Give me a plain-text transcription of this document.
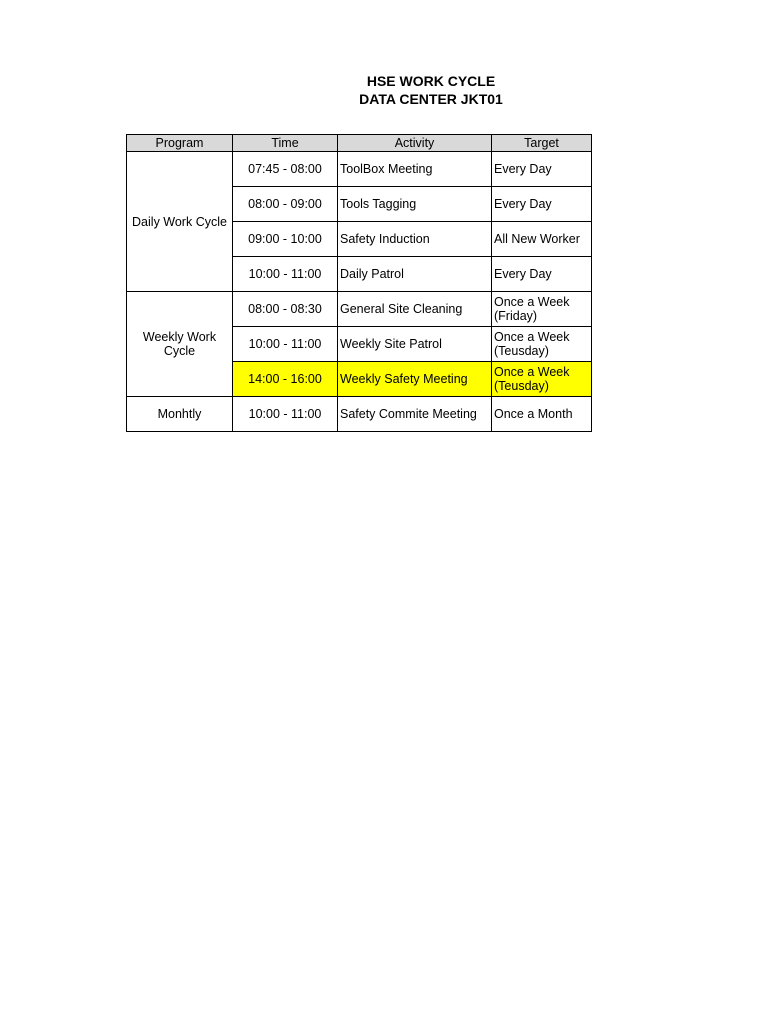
HSE WORK CYCLE
DATA CENTER JKT01
Program	Time	Activity	Target
Daily Work Cycle	07:45 - 08:00	ToolBox Meeting	Every Day
	08:00 - 09:00	Tools Tagging	Every Day
	09:00 - 10:00	Safety Induction	All New Worker
	10:00 - 11:00	Daily Patrol	Every Day
Weekly Work Cycle	08:00 - 08:30	General Site Cleaning	Once a Week (Friday)
	10:00 - 11:00	Weekly Site Patrol	Once a Week (Teusday)
	14:00 - 16:00	Weekly Safety Meeting	Once a Week (Teusday)
Monhtly	10:00 - 11:00	Safety Commite Meeting	Once a Month
